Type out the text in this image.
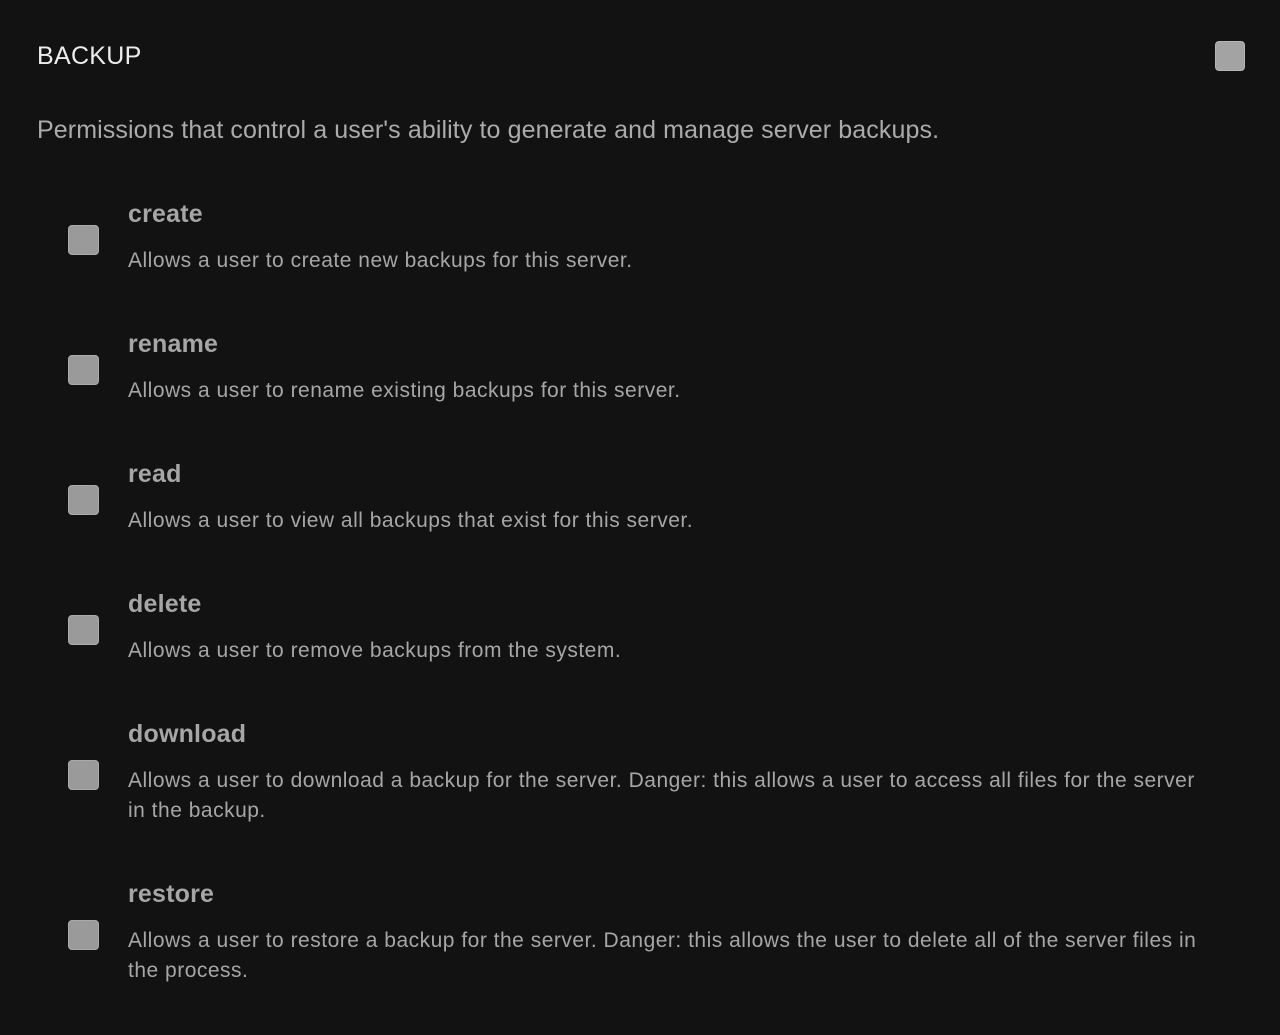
BACKUP
Permissions that control a user's ability to generate and manage server backups.
create
Allows a user to create new backups for this server.
rename
Allows a user to rename existing backups for this server.
read
Allows a user to view all backups that exist for this server.
delete
Allows a user to remove backups from the system.
download
Allows a user to download a backup for the server. Danger: this allows a user to access all files for the server in the backup.
restore
Allows a user to restore a backup for the server. Danger: this allows the user to delete all of the server files in the process.
